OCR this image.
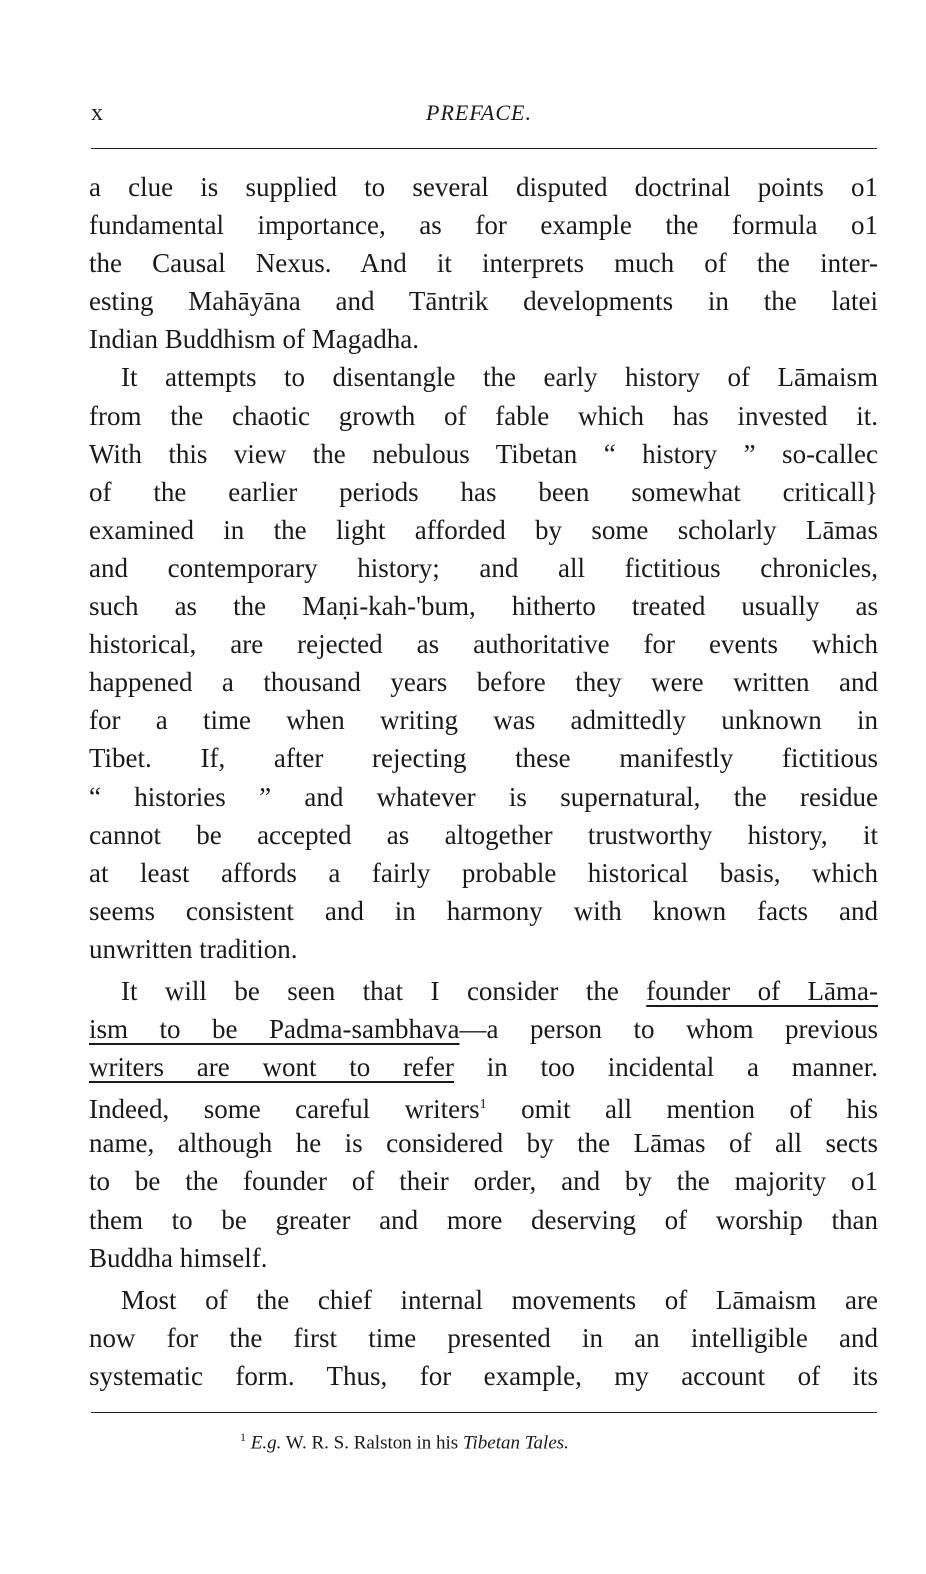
x	PREFACE.
a clue is supplied to several disputed doctrinal points o1
fundamental importance, as for example the formula o1
the Causal Nexus. And it interprets much of the inter-
esting Mahāyāna and Tāntrik developments in the latei
Indian Buddhism of Magadha.
It attempts to disentangle the early history of Lāmaism
from the chaotic growth of fable which has invested it.
With this view the nebulous Tibetan “ history ” so-callec
of the earlier periods has been somewhat criticall}
examined in the light afforded by some scholarly Lāmas
and contemporary history; and all fictitious chronicles,
such as the Maṇi-kah-'bum, hitherto treated usually as
historical, are rejected as authoritative for events which
happened a thousand years before they were written and
for a time when writing was admittedly unknown in
Tibet. If, after rejecting these manifestly fictitious
“ histories ” and whatever is supernatural, the residue
cannot be accepted as altogether trustworthy history, it
at least affords a fairly probable historical basis, which
seems consistent and in harmony with known facts and
unwritten tradition.
It will be seen that I consider the founder of Lāma-
ism to be Padma-sambhava—a person to whom previous
writers are wont to refer in too incidental a manner.
Indeed, some careful writers$^1$ omit all mention of his
name, although he is considered by the Lāmas of all sects
to be the founder of their order, and by the majority o1
them to be greater and more deserving of worship than
Buddha himself.
Most of the chief internal movements of Lāmaism are
now for the first time presented in an intelligible and
systematic form. Thus, for example, my account of its
$^1$ E.g. W. R. S. Ralston in his Tibetan Tales.
